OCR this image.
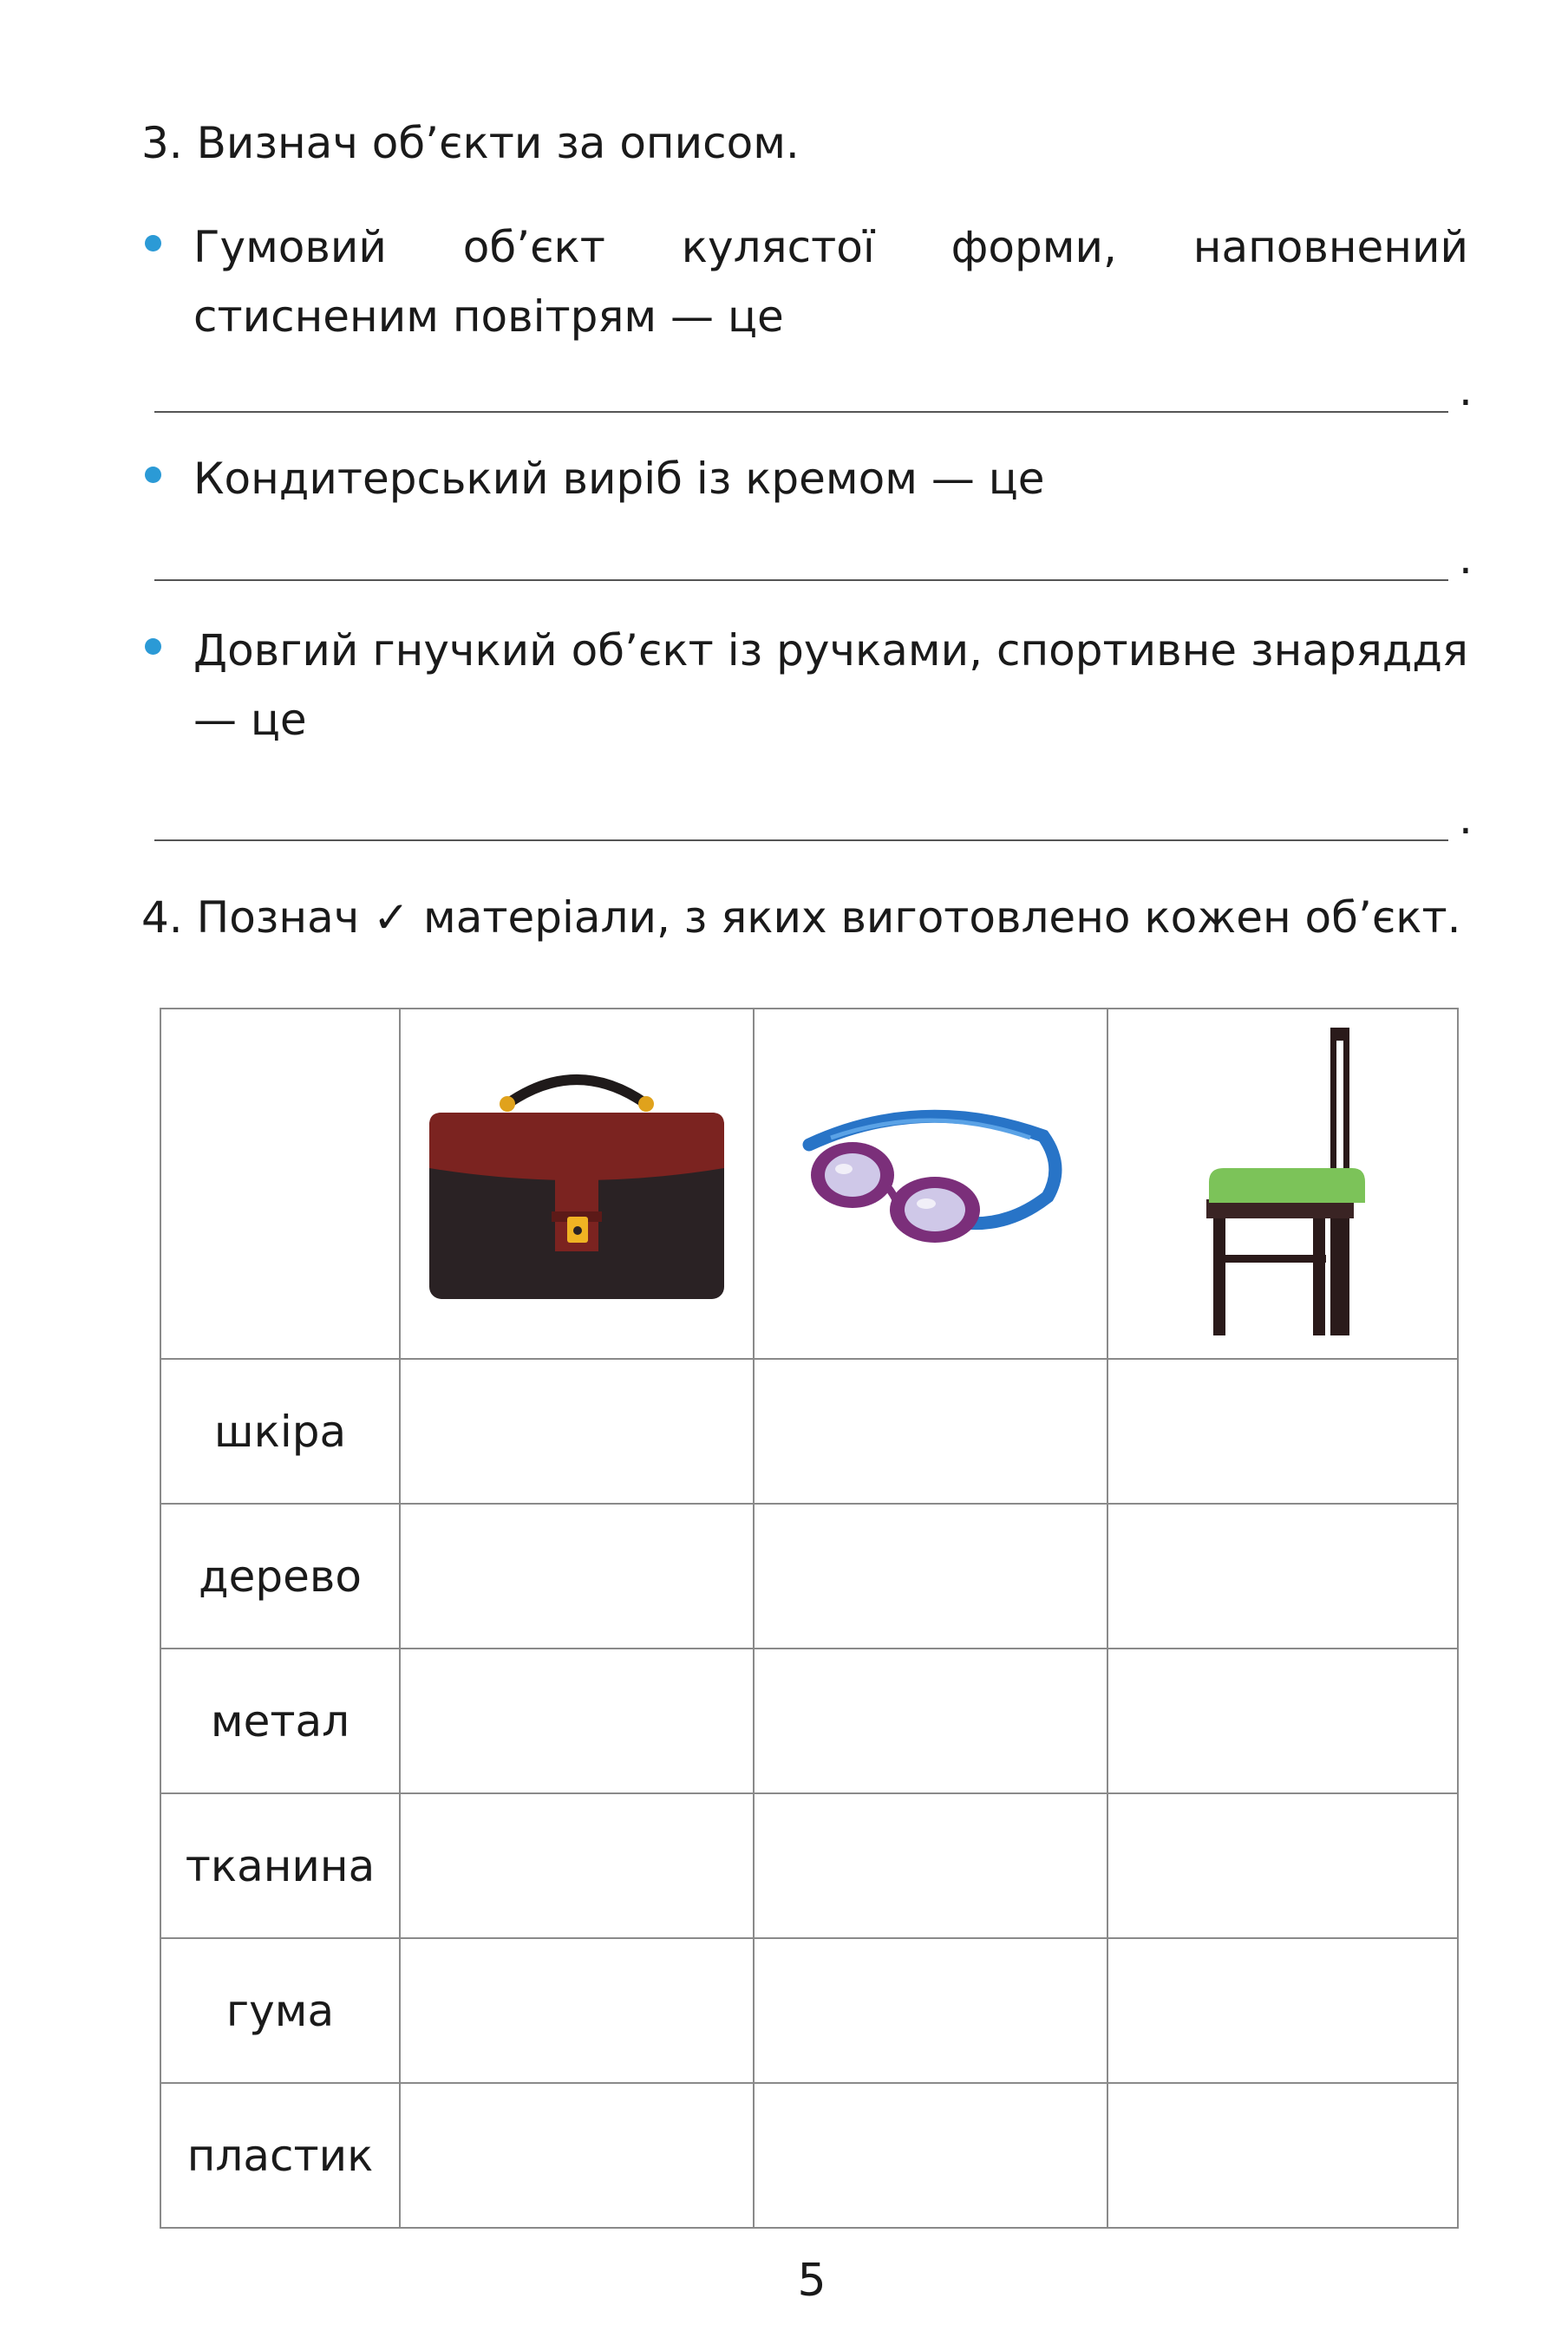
3. Визнач об’єкти за описом.
Гумовий об’єкт кулястої форми, наповнений стисненим повітрям — це
.
Кондитерський виріб із кремом — це
.
Довгий гнучкий об’єкт із ручками, спортивне знаряддя — це
.
4. Познач ✓ матеріали, з яких виготовлено кожен об’єкт.

шкіра			
дерево			
метал			
тканина			
гума			
пластик			
5
